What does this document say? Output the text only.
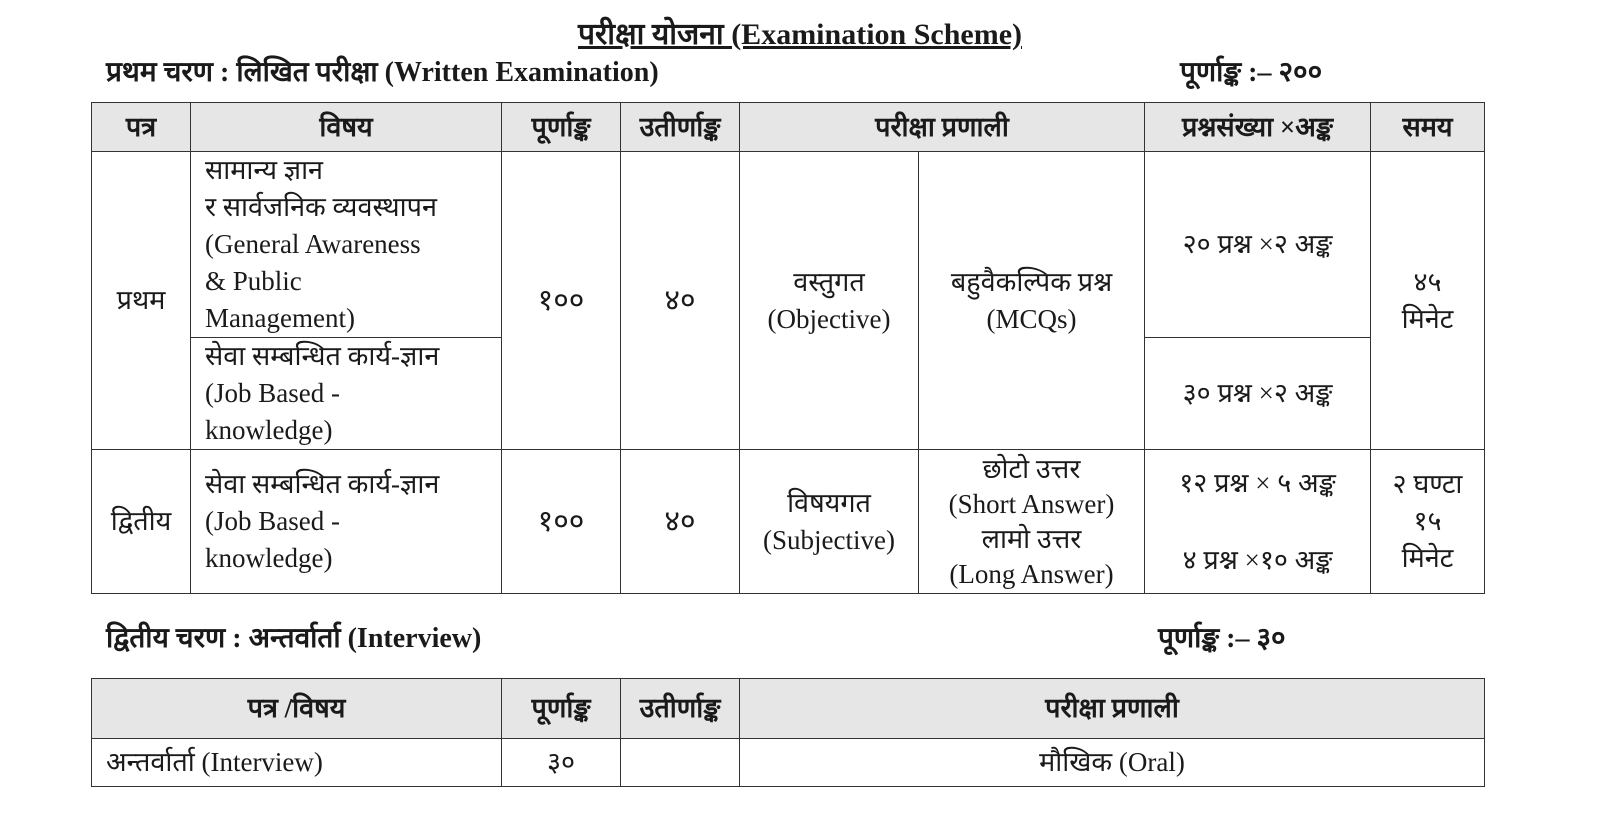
परीक्षा योजना (Examination Scheme)
प्रथम चरण : लिखित परीक्षा (Written Examination)	पूर्णाङ्क :– २००
पत्र	विषय	पूर्णाङ्क	उतीर्णाङ्क	परीक्षा प्रणाली		प्रश्नसंख्या ×अङ्क	समय
प्रथम	सामान्य ज्ञान
र सार्वजनिक व्यवस्थापन
(General Awareness
& Public
Management)	१००	४०	वस्तुगत
(Objective)	बहुवैकल्पिक प्रश्न
(MCQs)	२० प्रश्न ×२ अङ्क	४५
मिनेट

	सेवा सम्बन्धित कार्य-ज्ञान
(Job Based -
knowledge)					३० प्रश्न ×२ अङ्क	
द्वितीय	सेवा सम्बन्धित कार्य-ज्ञान
(Job Based -
knowledge)	१००	४०	विषयगत
(Subjective)	छोटो उत्तर
(Short Answer)
लामो उत्तर
(Long Answer)	१२ प्रश्न × ५ अङ्क
४ प्रश्न ×१० अङ्क	२ घण्टा
१५
मिनेट
द्वितीय चरण : अन्तर्वार्ता (Interview)	पूर्णाङ्क :– ३०
पत्र /विषय	पूर्णाङ्क	उतीर्णाङ्क	परीक्षा प्रणाली
अन्तर्वार्ता (Interview)	३०		मौखिक (Oral)
